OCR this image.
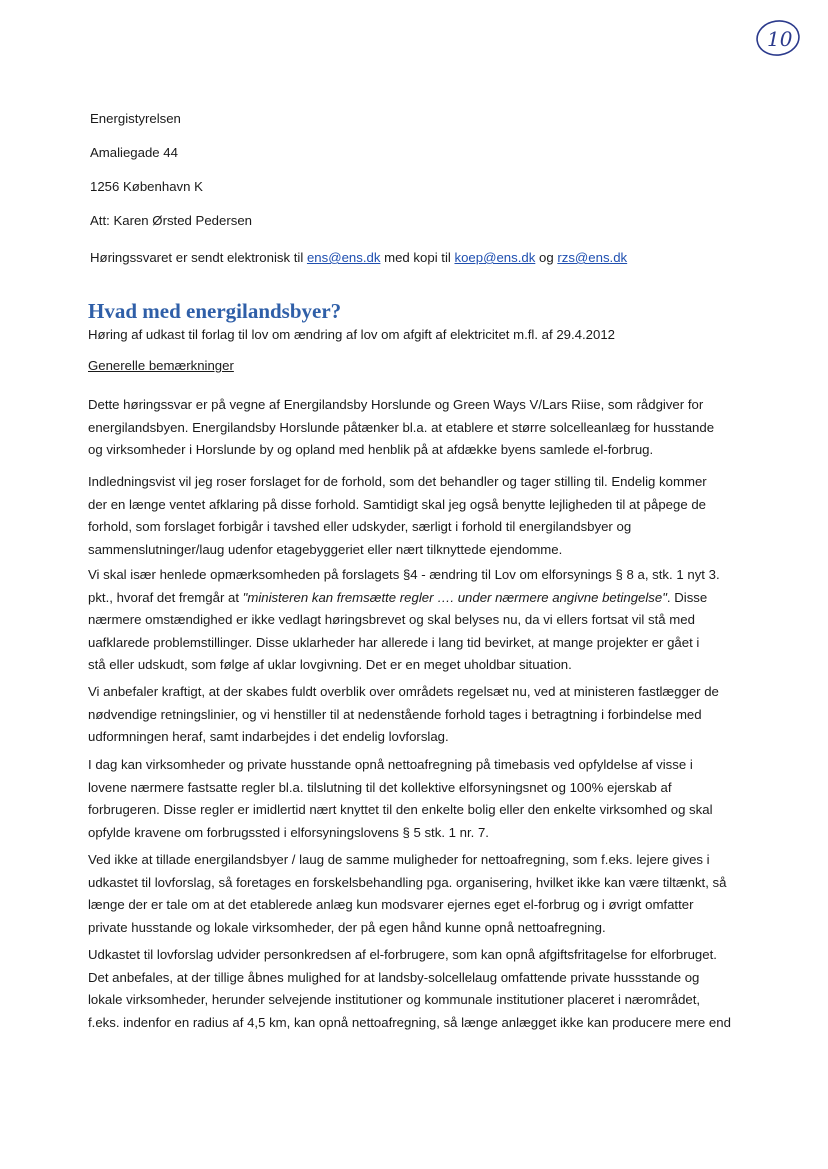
10
Energistyrelsen
Amaliegade 44
1256 København K
Att: Karen Ørsted Pedersen
Høringssvaret er sendt elektronisk til ens@ens.dk med kopi til koep@ens.dk og rzs@ens.dk
Hvad med energilandsbyer?
Høring af udkast til forlag til lov om ændring af lov om afgift af elektricitet m.fl. af 29.4.2012
Generelle bemærkninger
Dette høringssvar er på vegne af Energilandsby Horslunde og Green Ways V/Lars Riise, som rådgiver for
energilandsbyen. Energilandsby Horslunde påtænker bl.a. at etablere et større solcelleanlæg for husstande
og virksomheder i Horslunde by og opland med henblik på at afdække byens samlede el-forbrug.
Indledningsvist vil jeg roser forslaget for de forhold, som det behandler og tager stilling til. Endelig kommer
der en længe ventet afklaring på disse forhold. Samtidigt skal jeg også benytte lejligheden til at påpege de
forhold, som forslaget forbigår i tavshed eller udskyder, særligt i forhold til energilandsbyer og
sammenslutninger/laug udenfor etagebyggeriet eller nært tilknyttede ejendomme.
Vi skal især henlede opmærksomheden på forslagets §4 - ændring til Lov om elforsynings § 8 a, stk. 1 nyt 3.
pkt., hvoraf det fremgår at "ministeren kan fremsætte regler …. under nærmere angivne betingelse". Disse
nærmere omstændighed er ikke vedlagt høringsbrevet og skal belyses nu, da vi ellers fortsat vil stå med
uafklarede problemstillinger. Disse uklarheder har allerede i lang tid bevirket, at mange projekter er gået i
stå eller udskudt, som følge af uklar lovgivning. Det er en meget uholdbar situation.
Vi anbefaler kraftigt, at der skabes fuldt overblik over områdets regelsæt nu, ved at ministeren fastlægger de
nødvendige retningslinier, og vi henstiller til at nedenstående forhold tages i betragtning i forbindelse med
udformningen heraf, samt indarbejdes i det endelig lovforslag.
I dag kan virksomheder og private husstande opnå nettoafregning på timebasis ved opfyldelse af visse i
lovene nærmere fastsatte regler bl.a. tilslutning til det kollektive elforsyningsnet og 100% ejerskab af
forbrugeren. Disse regler er imidlertid nært knyttet til den enkelte bolig eller den enkelte virksomhed og skal
opfylde kravene om forbrugssted i elforsyningslovens § 5 stk. 1 nr. 7.
Ved ikke at tillade energilandsbyer / laug de samme muligheder for nettoafregning, som f.eks. lejere gives i
udkastet til lovforslag, så foretages en forskelsbehandling pga. organisering, hvilket ikke kan være tiltænkt, så
længe der er tale om at det etablerede anlæg kun modsvarer ejernes eget el-forbrug og i øvrigt omfatter
private husstande og lokale virksomheder, der på egen hånd kunne opnå nettoafregning.
Udkastet til lovforslag udvider personkredsen af el-forbrugere, som kan opnå afgiftsfritagelse for elforbruget.
Det anbefales, at der tillige åbnes mulighed for at landsby-solcellelaug omfattende private hussstande og
lokale virksomheder, herunder selvejende institutioner og kommunale institutioner placeret i nærområdet,
f.eks. indenfor en radius af 4,5 km, kan opnå nettoafregning, så længe anlægget ikke kan producere mere end
